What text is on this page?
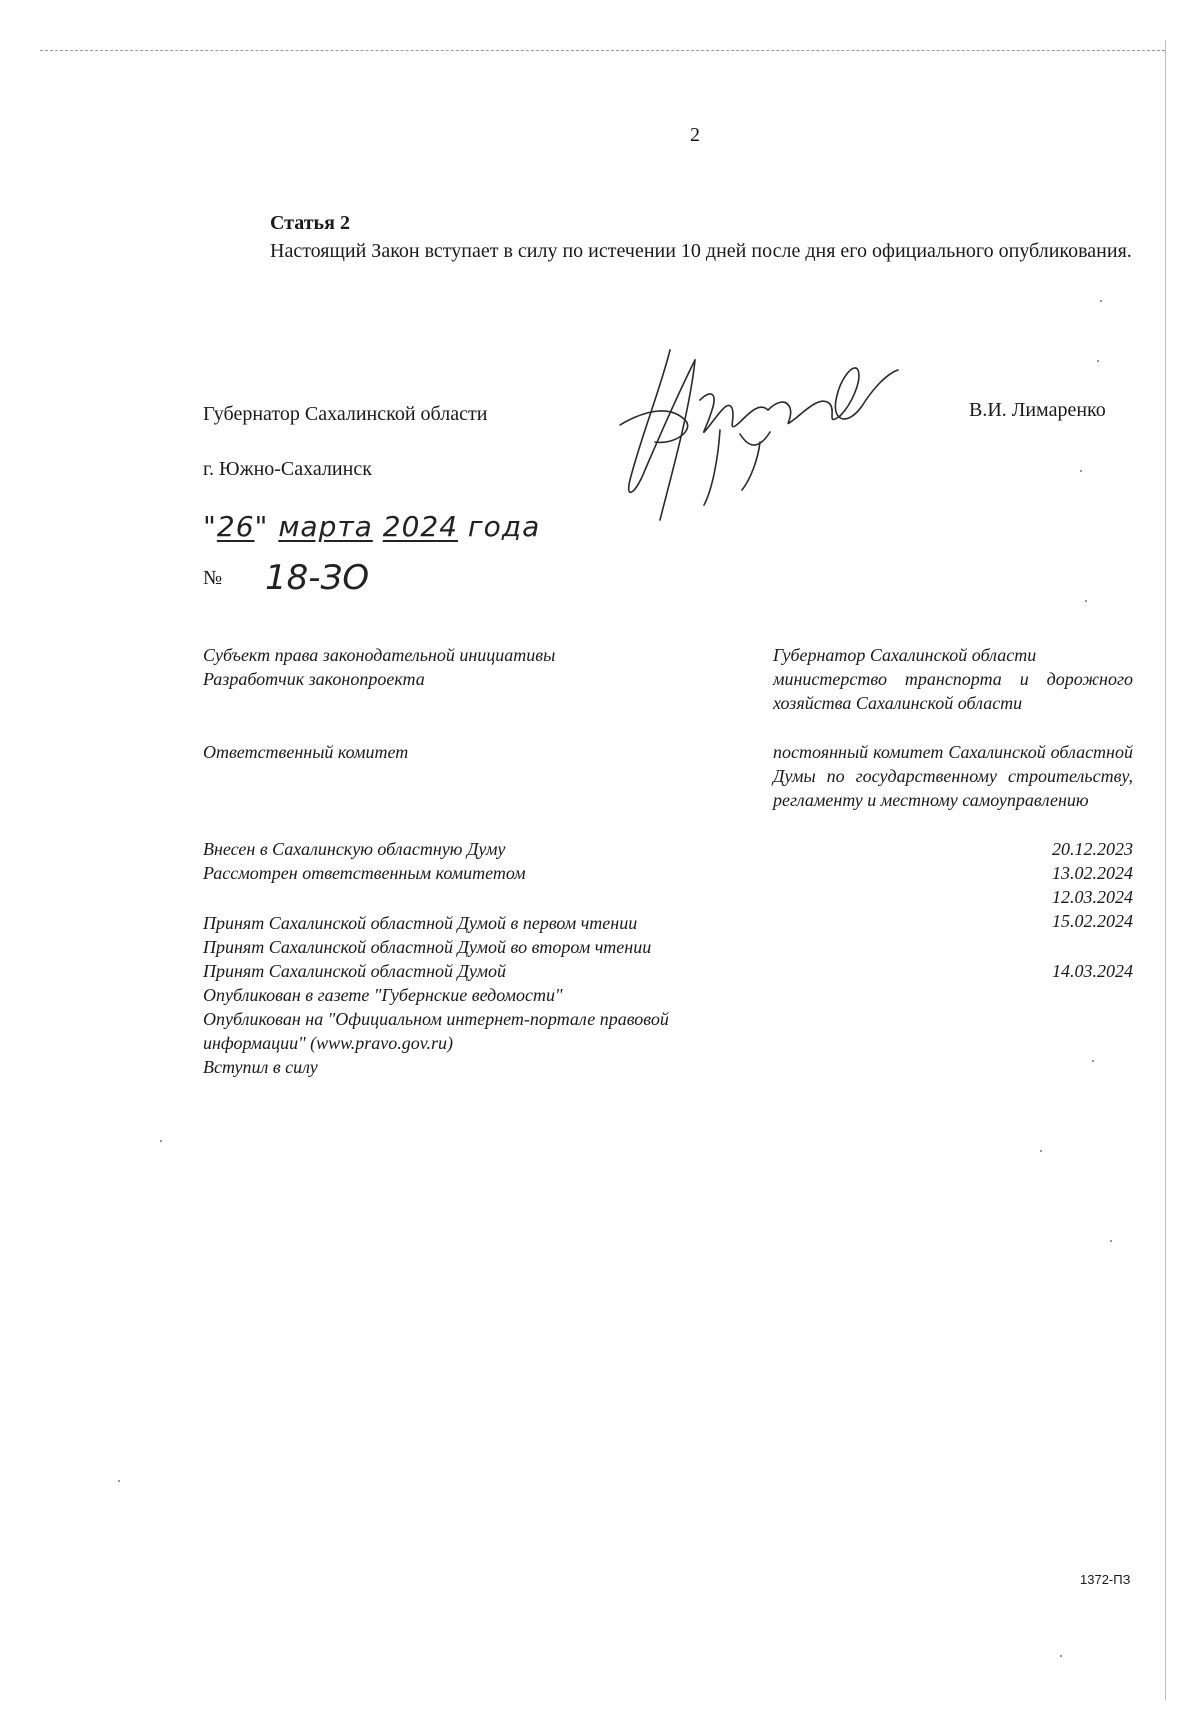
2
Статья 2
Настоящий Закон вступает в силу по истечении 10 дней после дня его официального опубликования.
Губернатор Сахалинской области	В.И. Лимаренко
г. Южно-Сахалинск
"26" марта 2024 года
№ 18-ЗО
Субъект права законодательной инициативы
Разработчик законопроекта
Ответственный комитет
Губернатор Сахалинской области
министерство транспорта и дорожного хозяйства Сахалинской области
постоянный комитет Сахалинской областной Думы по государственному строительству, регламенту и местному самоуправлению
Внесен в Сахалинскую областную Думу
Рассмотрен ответственным комитетом
Принят Сахалинской областной Думой в первом чтении
Принят Сахалинской областной Думой во втором чтении
Принят Сахалинской областной Думой
Опубликован в газете "Губернские ведомости"
Опубликован на "Официальном интернет-портале правовой
информации" (www.pravo.gov.ru)
Вступил в силу
20.12.2023
13.02.2024
12.03.2024
15.02.2024
14.03.2024
1372-ПЗ
